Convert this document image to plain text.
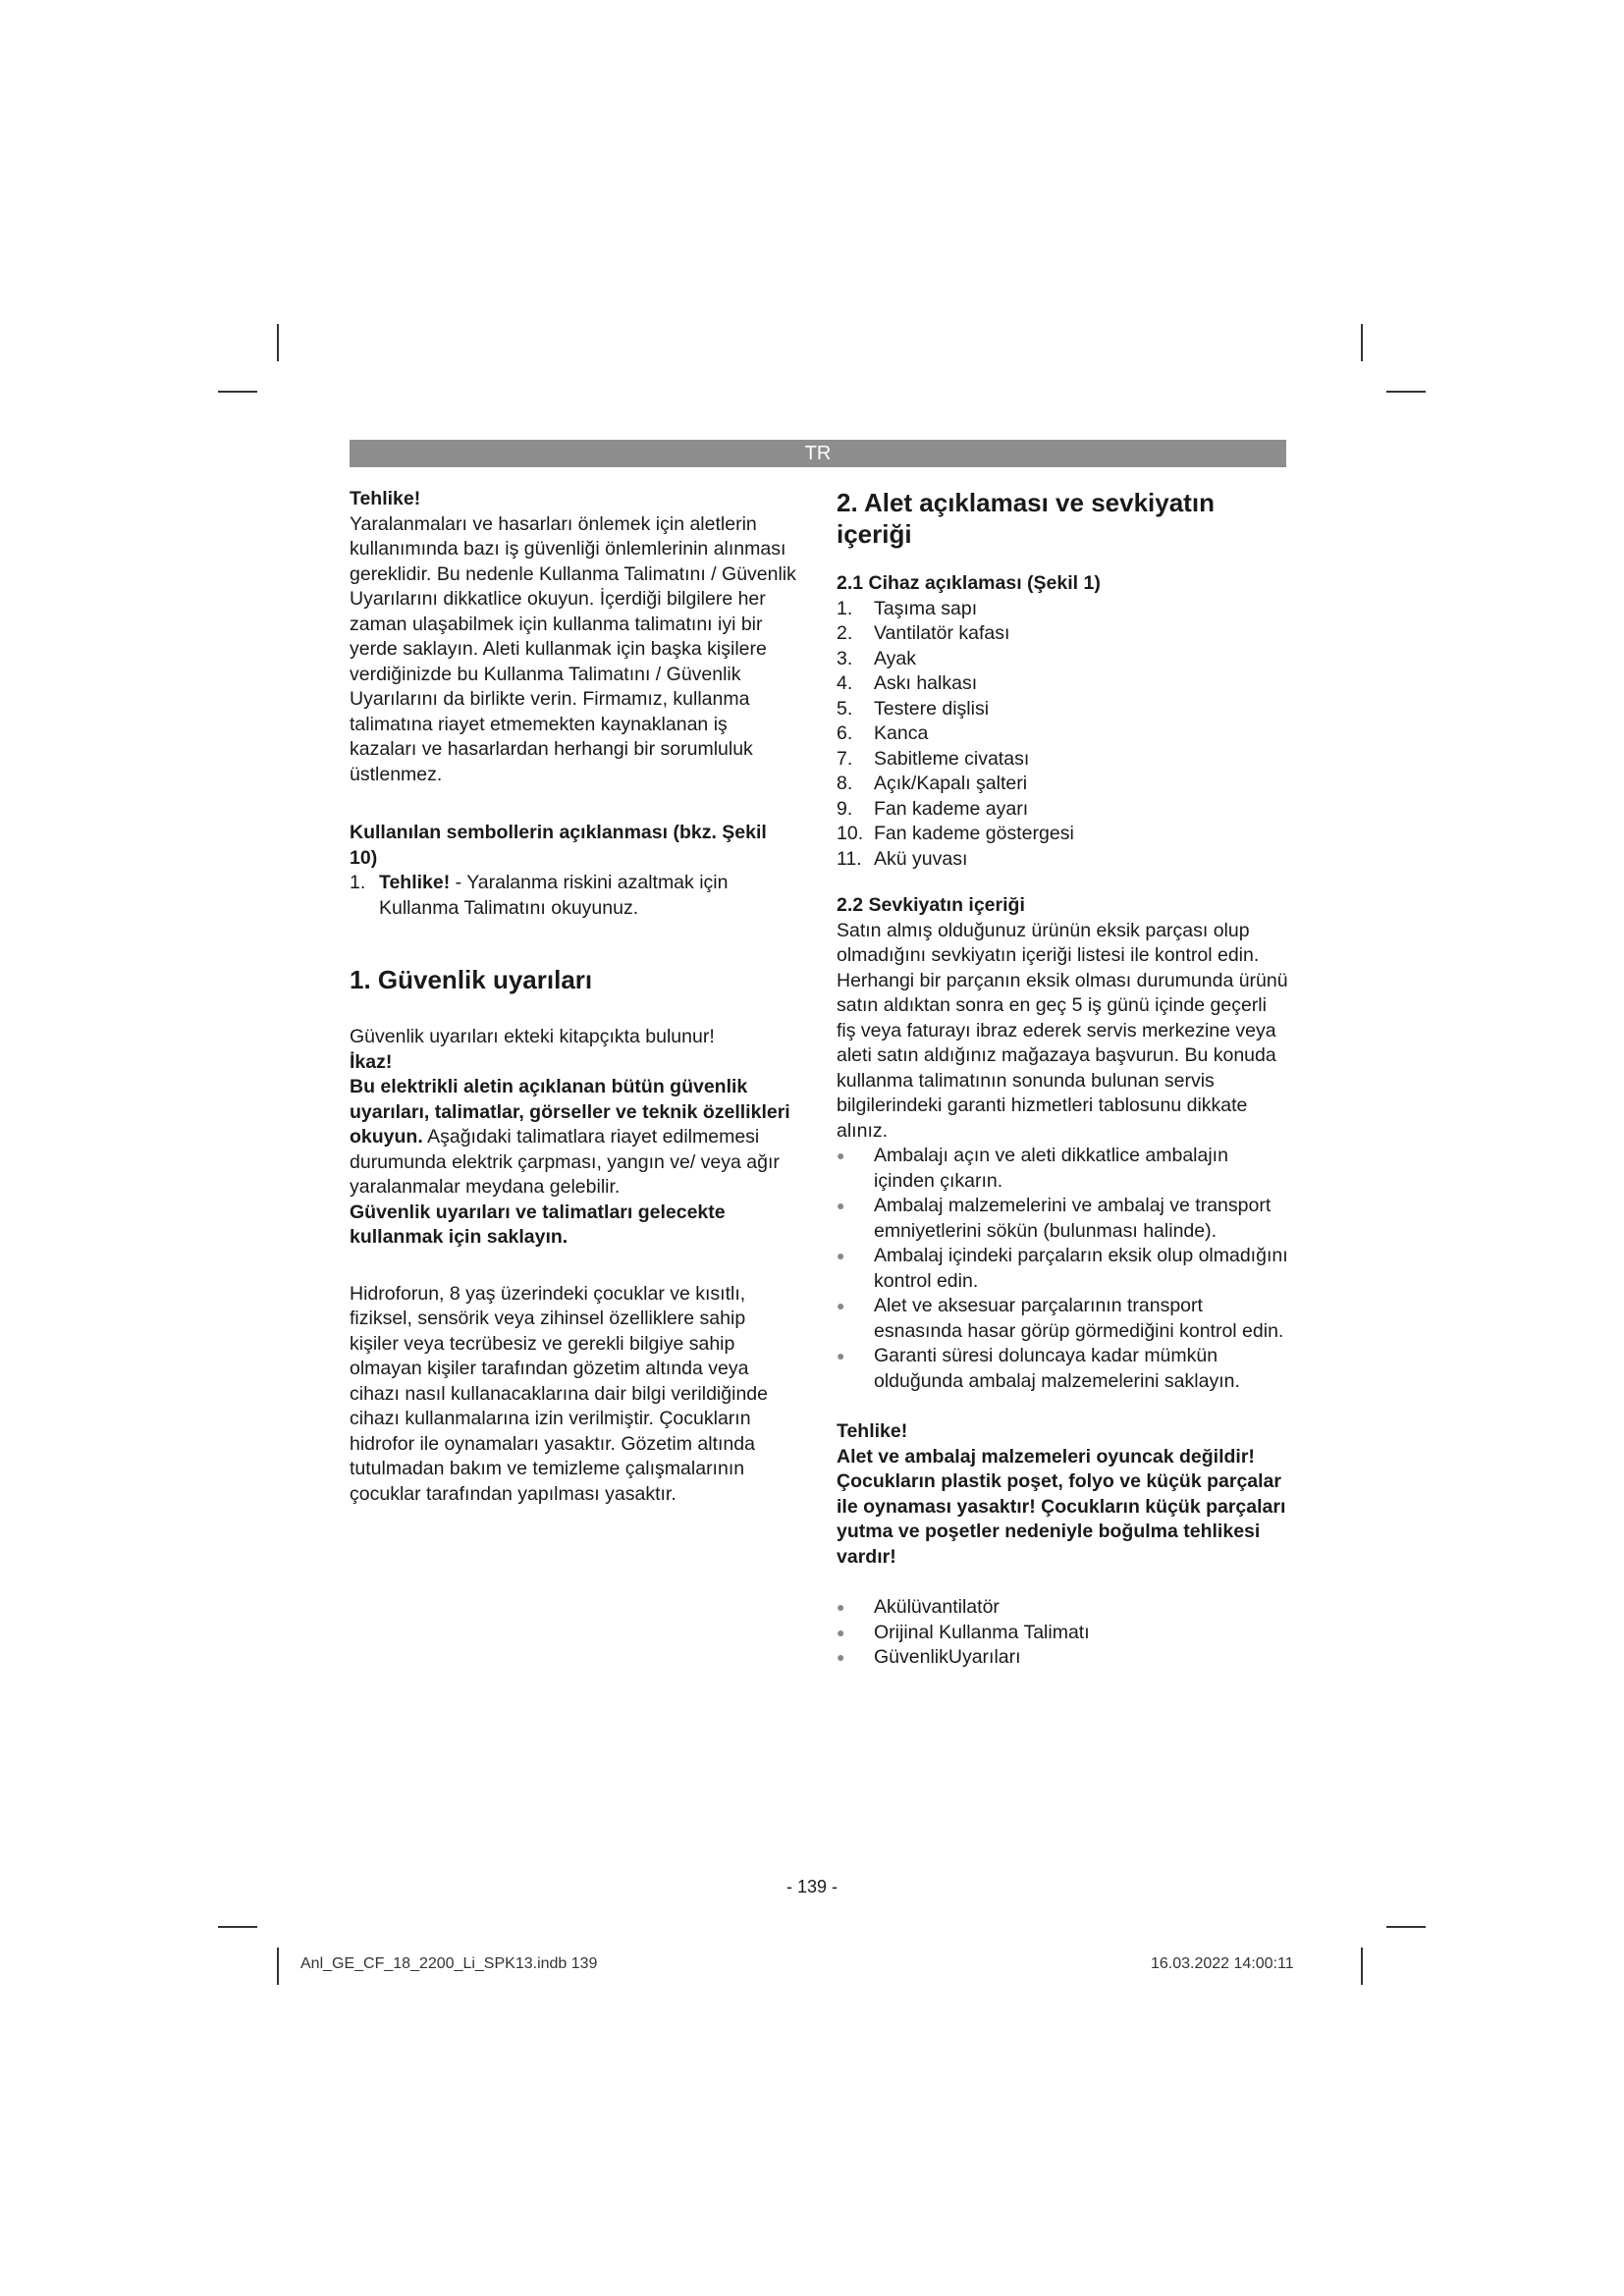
TR

Tehlike!

Yaralanmaları ve hasarları önlemek için aletlerin kullanımında bazı iş güvenliği önlemlerinin alınması gereklidir. Bu nedenle Kullanma Talimatını / Güvenlik Uyarılarını dikkatlice okuyun. İçerdiği bilgilere her zaman ulaşabilmek için kullanma talimatını iyi bir yerde saklayın. Aleti kullanmak için başka kişilere verdiğinizde bu Kullanma Talimatını / Güvenlik Uyarılarını da birlikte verin. Firmamız, kullanma talimatına riayet etmemekten kaynaklanan iş kazaları ve hasarlardan herhangi bir sorumluluk üstlenmez.

Kullanılan sembollerin açıklanması (bkz. Şekil 10)

1. Tehlike! - Yaralanma riskini azaltmak için Kullanma Talimatını okuyunuz.
1. Güvenlik uyarıları

Güvenlik uyarıları ekteki kitapçıkta bulunur!

İkaz!

Bu elektrikli aletin açıklanan bütün güvenlik uyarıları, talimatlar, görseller ve teknik özellikleri okuyun. Aşağıdaki talimatlara riayet edilmemesi durumunda elektrik çarpması, yangın ve/ veya ağır yaralanmalar meydana gelebilir.

Güvenlik uyarıları ve talimatları gelecekte kullanmak için saklayın.

Hidroforun, 8 yaş üzerindeki çocuklar ve kısıtlı, fiziksel, sensörik veya zihinsel özelliklere sahip kişiler veya tecrübesiz ve gerekli bilgiye sahip olmayan kişiler tarafından gözetim altında veya cihazı nasıl kullanacaklarına dair bilgi verildiğinde cihazı kullanmalarına izin verilmiştir. Çocukların hidrofor ile oynamaları yasaktır. Gözetim altında tutulmadan bakım ve temizleme çalışmalarının çocuklar tarafından yapılması yasaktır.

2. Alet açıklaması ve sevkiyatın içeriği

2.1 Cihaz açıklaması (Şekil 1)

1.	Taşıma sapı
2.	Vantilatör kafası
3.	Ayak
4.	Askı halkası
5.	Testere dişlisi
6.	Kanca
7.	Sabitleme civatası
8.	Açık/Kapalı şalteri
9.	Fan kademe ayarı
10. Fan kademe göstergesi
11. Akü yuvası

2.2 Sevkiyatın içeriği

Satın almış olduğunuz ürünün eksik parçası olup olmadığını sevkiyatın içeriği listesi ile kontrol edin. Herhangi bir parçanın eksik olması durumunda ürünü satın aldıktan sonra en geç 5 iş günü içinde geçerli fiş veya faturayı ibraz ederek servis merkezine veya aleti satın aldığınız mağazaya başvurun. Bu konuda kullanma talimatının sonunda bulunan servis bilgilerindeki garanti hizmetleri tablosunu dikkate alınız.

●	Ambalajı açın ve aleti dikkatlice ambalajın içinden çıkarın.
●	Ambalaj malzemelerini ve ambalaj ve transport emniyetlerini sökün (bulunması halinde).
●	Ambalaj içindeki parçaların eksik olup olmadığını kontrol edin.
●	Alet ve aksesuar parçalarının transport esnasında hasar görüp görmediğini kontrol edin.
●	Garanti süresi doluncaya kadar mümkün olduğunda ambalaj malzemelerini saklayın.

Tehlike!

Alet ve ambalaj malzemeleri oyuncak değildir! Çocukların plastik poşet, folyo ve küçük parçalar ile oynaması yasaktır! Çocukların küçük parçaları yutma ve poşetler nedeniyle boğulma tehlikesi vardır!

●	Akülüvantilatör
●	Orijinal Kullanma Talimatı
●	GüvenlikUyarıları
- 139 -
Anl_GE_CF_18_2200_Li_SPK13.indb 139	16.03.2022 14:00:11
